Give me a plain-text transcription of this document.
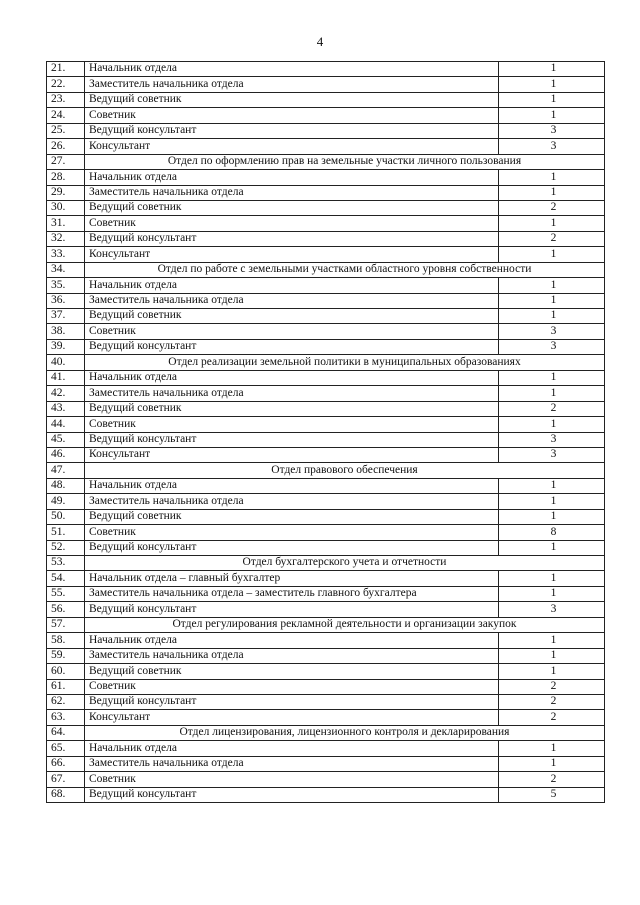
4
21.	Начальник отдела	1
22.	Заместитель начальника отдела	1
23.	Ведущий советник	1
24.	Советник	1
25.	Ведущий консультант	3
26.	Консультант	3
27.	Отдел по оформлению прав на земельные участки личного пользования	
28.	Начальник отдела	1
29.	Заместитель начальника отдела	1
30.	Ведущий советник	2
31.	Советник	1
32.	Ведущий консультант	2
33.	Консультант	1
34.	Отдел по работе с земельными участками областного уровня собственности	
35.	Начальник отдела	1
36.	Заместитель начальника отдела	1
37.	Ведущий советник	1
38.	Советник	3
39.	Ведущий консультант	3
40.	Отдел реализации земельной политики в муниципальных образованиях	
41.	Начальник отдела	1
42.	Заместитель начальника отдела	1
43.	Ведущий советник	2
44.	Советник	1
45.	Ведущий консультант	3
46.	Консультант	3
47.	Отдел правового обеспечения	
48.	Начальник отдела	1
49.	Заместитель начальника отдела	1
50.	Ведущий советник	1
51.	Советник	8
52.	Ведущий консультант	1
53.	Отдел бухгалтерского учета и отчетности	
54.	Начальник отдела – главный бухгалтер	1
55.	Заместитель начальника отдела – заместитель главного бухгалтера	1
56.	Ведущий консультант	3
57.	Отдел регулирования рекламной деятельности и организации закупок	
58.	Начальник отдела	1
59.	Заместитель начальника отдела	1
60.	Ведущий советник	1
61.	Советник	2
62.	Ведущий консультант	2
63.	Консультант	2
64.	Отдел лицензирования, лицензионного контроля и декларирования	
65.	Начальник отдела	1
66.	Заместитель начальника отдела	1
67.	Советник	2
68.	Ведущий консультант	5
